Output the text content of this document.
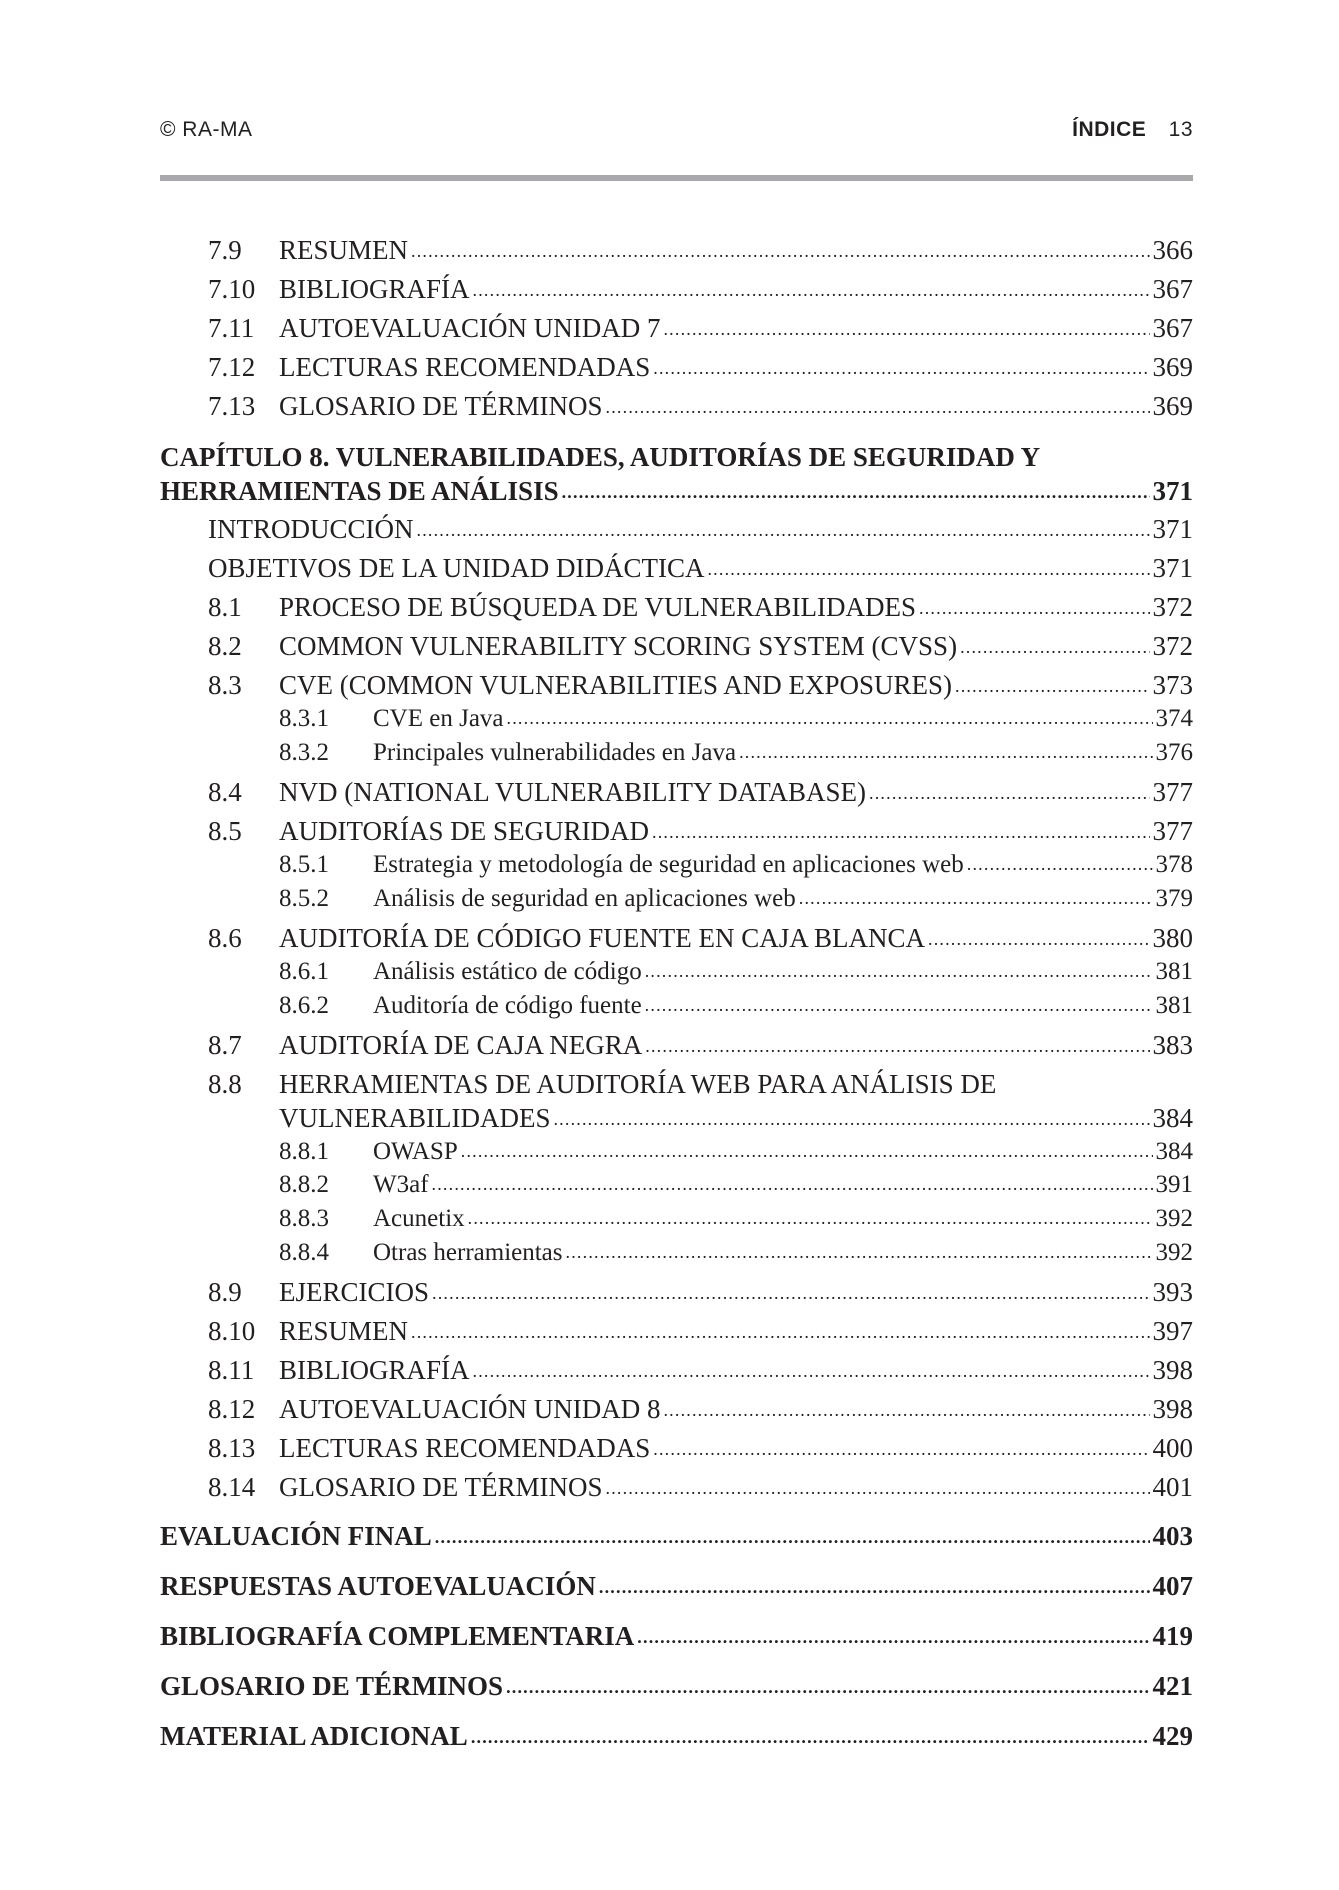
© RA-MA	ÍNDICE 13
7.9	RESUMEN .....	366
7.10 BIBLIOGRAFÍA .....	367
7.11 AUTOEVALUACIÓN UNIDAD 7 .....	367
7.12 LECTURAS RECOMENDADAS .....	369
7.13 GLOSARIO DE TÉRMINOS .....	369
CAPÍTULO 8. VULNERABILIDADES, AUDITORÍAS DE SEGURIDAD Y
HERRAMIENTAS DE ANÁLISIS .....	371
INTRODUCCIÓN .....	371
OBJETIVOS DE LA UNIDAD DIDÁCTICA .....	371
8.1	PROCESO DE BÚSQUEDA DE VULNERABILIDADES .....	372
8.2	COMMON VULNERABILITY SCORING SYSTEM (CVSS) .....	372
8.3	CVE (COMMON VULNERABILITIES AND EXPOSURES) .....	373
8.3.1	CVE en Java .....	374
8.3.2	Principales vulnerabilidades en Java .....	376
8.4	NVD (NATIONAL VULNERABILITY DATABASE) .....	377
8.5	AUDITORÍAS DE SEGURIDAD .....	377
8.5.1	Estrategia y metodología de seguridad en aplicaciones web .....	378
8.5.2	Análisis de seguridad en aplicaciones web .....	379
8.6	AUDITORÍA DE CÓDIGO FUENTE EN CAJA BLANCA .....	380
8.6.1	Análisis estático de código .....	381
8.6.2	Auditoría de código fuente .....	381
8.7	AUDITORÍA DE CAJA NEGRA .....	383
8.8	HERRAMIENTAS DE AUDITORÍA WEB PARA ANÁLISIS DE
VULNERABILIDADES .....	384
8.8.1	OWASP .....	384
8.8.2	W3af .....	391
8.8.3	Acunetix .....	392
8.8.4	Otras herramientas .....	392
8.9	EJERCICIOS .....	393
8.10 RESUMEN .....	397
8.11 BIBLIOGRAFÍA .....	398
8.12 AUTOEVALUACIÓN UNIDAD 8 .....	398
8.13 LECTURAS RECOMENDADAS .....	400
8.14 GLOSARIO DE TÉRMINOS .....	401
EVALUACIÓN FINAL .....	403
RESPUESTAS AUTOEVALUACIÓN .....	407
BIBLIOGRAFÍA COMPLEMENTARIA .....	419
GLOSARIO DE TÉRMINOS .....	421
MATERIAL ADICIONAL .....	429
